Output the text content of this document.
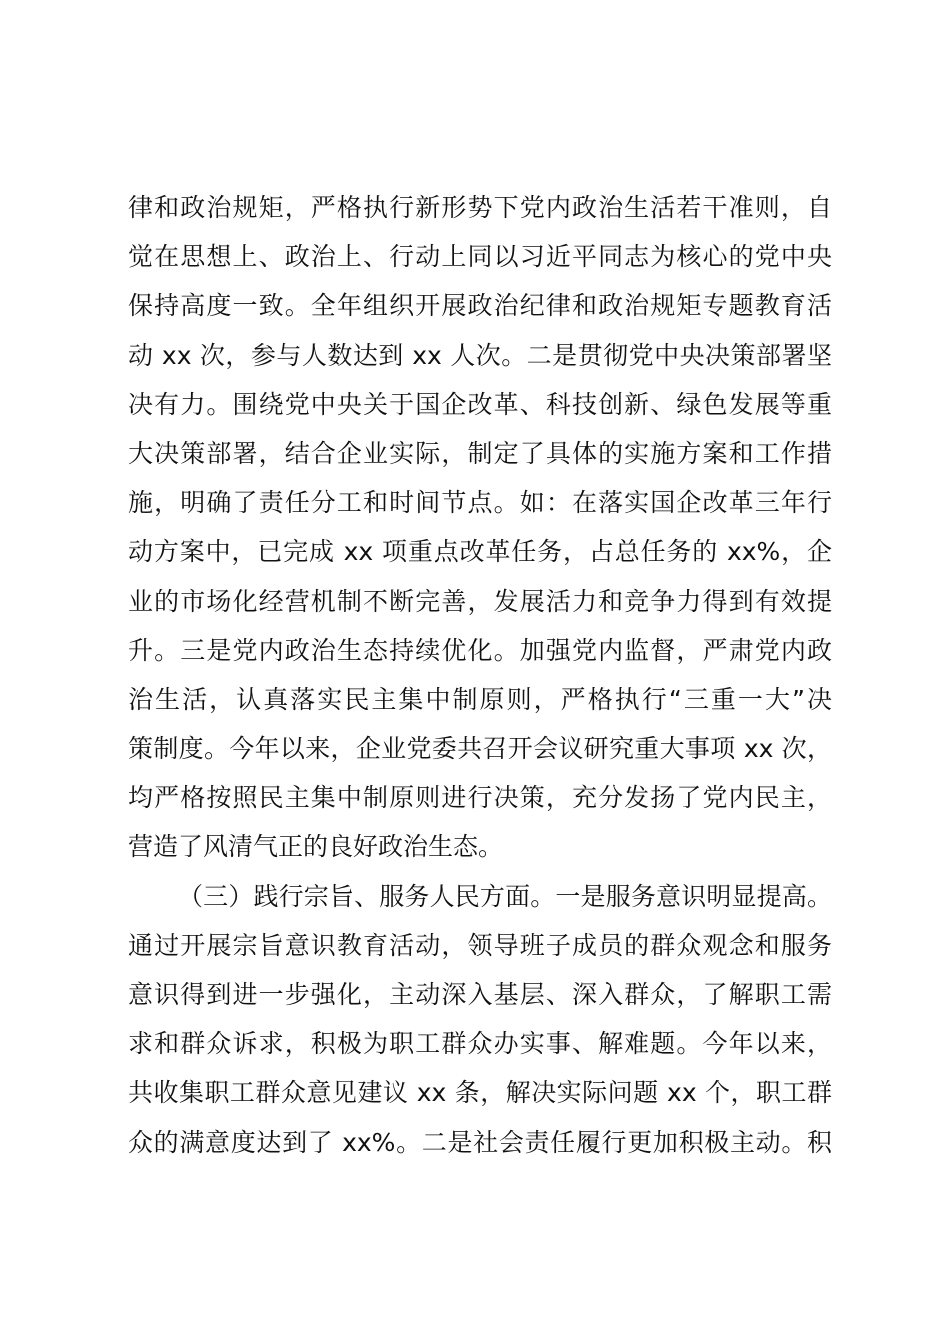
律和政治规矩，严格执行新形势下党内政治生活若干准则，自
觉在思想上、政治上、行动上同以习近平同志为核心的党中央
保持高度一致。全年组织开展政治纪律和政治规矩专题教育活
动 xx 次，参与人数达到 xx 人次。二是贯彻党中央决策部署坚
决有力。围绕党中央关于国企改革、科技创新、绿色发展等重
大决策部署，结合企业实际，制定了具体的实施方案和工作措
施，明确了责任分工和时间节点。如：在落实国企改革三年行
动方案中，已完成 xx 项重点改革任务，占总任务的 xx%，企
业的市场化经营机制不断完善，发展活力和竞争力得到有效提
升。三是党内政治生态持续优化。加强党内监督，严肃党内政
治生活，认真落实民主集中制原则，严格执行“三重一大”决
策制度。今年以来，企业党委共召开会议研究重大事项 xx 次，
均严格按照民主集中制原则进行决策，充分发扬了党内民主，
营造了风清气正的良好政治生态。
（三）践行宗旨、服务人民方面。一是服务意识明显提高。
通过开展宗旨意识教育活动，领导班子成员的群众观念和服务
意识得到进一步强化，主动深入基层、深入群众，了解职工需
求和群众诉求，积极为职工群众办实事、解难题。今年以来，
共收集职工群众意见建议 xx 条，解决实际问题 xx 个，职工群
众的满意度达到了 xx%。二是社会责任履行更加积极主动。积
